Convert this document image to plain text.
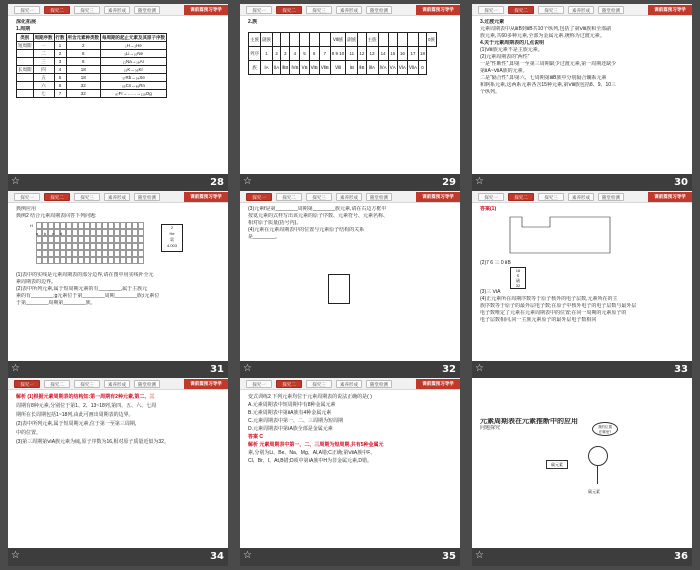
探究一	探究二	探究三	素养形成	随堂检测	课前篇预习导学
深化拓展
1.周期
类别	周期序数	行数	所含元素种类数	每周期的起止元素及其原子序数
短周期	一	1	2	₁H→₂He
	二	2	8	₃Li→₁₀Ne
	三	3	8	₁₁Na→₁₈Ar
长周期	四	4	18	₁₉K→₃₆Kr
	五	5	18	₃₇Rb→₅₄Xe
	六	6	32	₅₅Cs→₈₆Rn
	七	7	32	₈₇Fr→……→₁₁₈Og
☆	28
探究一	探究二	探究三	素养形成	随堂检测	课前篇预习导学
2.族
主族	副族							Ⅷ族	副族		主族						0族
列序	1	2	3	4	5	6	7	8 9 10	11	12	13	14	15	16	17	18	
族	ⅠA	ⅡA	ⅢB	ⅣB	ⅤB	ⅥB	ⅦB	Ⅷ	ⅠB	ⅡB	ⅢA	ⅣA	ⅤA	ⅥA	ⅦA	0	
☆	29
探究一	探究二	探究三	素养形成	随堂检测	课前篇预习导学
3.过渡元素
元素周期表中从ⅢB到ⅡB共10个纵列,包括了第Ⅷ族和全部副
族元素,共60多种元素,全部为金属元素,统称为过渡元素。
4.关于元素周期表的几点说明
(1)Ⅷ族元素不是主族元素。
(2)元素周期表的“两性”
一是“性断性”,即第一至第三周期缺少过渡元素,第一周期还缺少
第ⅡA~ⅦA族的元素。
二是“隔合性”,即第六、七周期第ⅢB族中分别隔合镧系元素
和锕系元素,这两系元素各含15种元素,第Ⅷ族包括8、9、10三
个纵列。
☆	30
探究一	探究二	探究三	素养形成	随堂检测	课前篇预习导学
典例应用
典例2 结合元素周期表回答下列问题:
H
a b c d
2
He
氦
4.003
(1)表中的实线是元素周期表的部分边界,请在图中用实线补全元
素周期表的边界。
(2)表中所列元素,属于短周期元素的有________,属于主族元
素的有________;g元素位于第________周期________族;i元素位
于第________周期第________族。
☆	31
探究一	探究二	探究三	素养形成	随堂检测	课前篇预习导学
(3)元素f是第________周期第________族元素,请在右边方框中
按氦元素的式样写出该元素的原子序数、元素符号、元素名称、
相对原子质量(括号内)。
(4)元素在元素周期表中的位置与元素原子结构的关系
是________。
☆	32
探究一	探究二	探究三	素养形成	随堂检测	课前篇预习导学
答案(1)
(2)7 6 三 0 ⅡB
16
S
硫
32
(3)三 ⅥA
(4)正元素所在周期序数等于原子核外的电子层数,元素所在的主
族序数等于原子的最外层电子数;在原子中核外电子的电子层数与最外层
电子数唯定了元素在元素周期表中的位置;在同一周期的元素原子的
电子层数相同,同一主族元素原子的最外层电子数相同
☆	33
探究一	探究二	探究三	素养形成	随堂检测	课前篇预习导学
解析 (1)根据元素周期表的结构知:第一周期有2种元素,第二、三
周期有8种元素,分别位于第1、2、13~18列,第四、五、六、七周
期所在长周期包括1~18列,由此可画出周期表的边界。
(2)表中所列元素,属于短周期元素,位于第一至第三周期,
中的位置。
(3)第三周期第ⅥA族元素为硫,原子序数为16,相对原子质量近似为32。
☆	34
探究一	探究二	探究三	素养形成	随堂检测	课前篇预习导学
变式训练2 下列元素均位于元素周期表的说法正确的是( )
A.元素周期表中短周期中有8种金属元素
B.元素周期表中第ⅡA族有4种金属元素
C.元素周期表中第一、二、三周期为短周期
D.元素周期表中第ⅠA族全部是金属元素
答案 C
解析 元素周期表中第一、二、三周期为短周期,共有5种金属元
素,分别为Li、Be、Na、Mg、Al,A错;C正确;第ⅦA族中F、
Cl、Br、I、At,B错;D项中第ⅠA族中H为非金属元素,D错。
☆	35
元素周期表在元素推断中的应用
问题探究	我的位置
在哪里?
碳元素
碳元素
☆	36
